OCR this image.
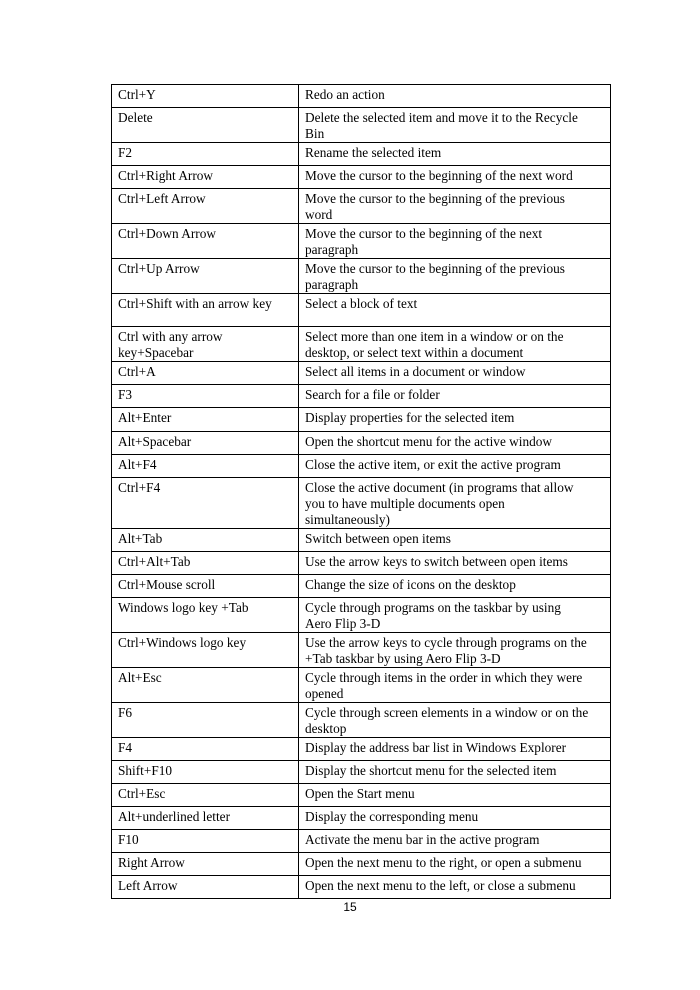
Ctrl+Y	Redo an action
Delete	Delete the selected item and move it to the Recycle
Bin
F2	Rename the selected item
Ctrl+Right Arrow	Move the cursor to the beginning of the next word
Ctrl+Left Arrow	Move the cursor to the beginning of the previous
word
Ctrl+Down Arrow	Move the cursor to the beginning of the next
paragraph
Ctrl+Up Arrow	Move the cursor to the beginning of the previous
paragraph
Ctrl+Shift with an arrow key	Select a block of text
Ctrl with any arrow
key+Spacebar	Select more than one item in a window or on the
desktop, or select text within a document
Ctrl+A	Select all items in a document or window
F3	Search for a file or folder
Alt+Enter	Display properties for the selected item
Alt+Spacebar	Open the shortcut menu for the active window
Alt+F4	Close the active item, or exit the active program
Ctrl+F4	Close the active document (in programs that allow
you to have multiple documents open
simultaneously)
Alt+Tab	Switch between open items
Ctrl+Alt+Tab	Use the arrow keys to switch between open items
Ctrl+Mouse scroll	Change the size of icons on the desktop
Windows logo key +Tab	Cycle through programs on the taskbar by using
Aero Flip 3-D
Ctrl+Windows logo key	Use the arrow keys to cycle through programs on the
+Tab taskbar by using Aero Flip 3-D
Alt+Esc	Cycle through items in the order in which they were
opened
F6	Cycle through screen elements in a window or on the
desktop
F4	Display the address bar list in Windows Explorer
Shift+F10	Display the shortcut menu for the selected item
Ctrl+Esc	Open the Start menu
Alt+underlined letter	Display the corresponding menu
F10	Activate the menu bar in the active program
Right Arrow	Open the next menu to the right, or open a submenu
Left Arrow	Open the next menu to the left, or close a submenu
15
